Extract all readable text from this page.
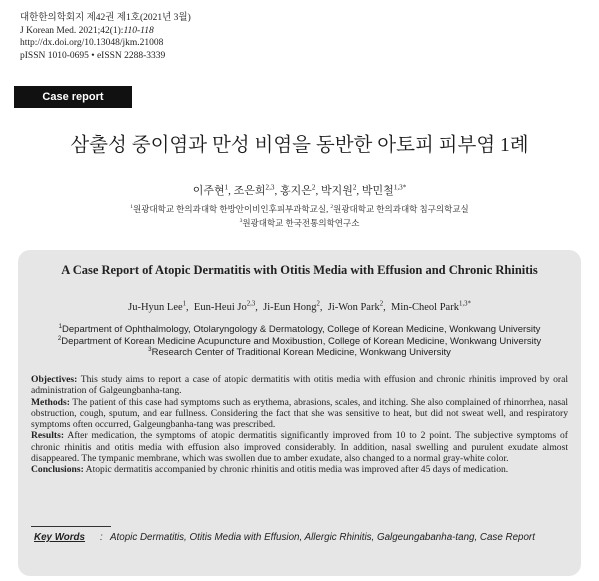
대한한의학회지 제42권 제1호(2021년 3월)
J Korean Med. 2021;42(1):110-118
http://dx.doi.org/10.13048/jkm.21008
pISSN 1010-0695 • eISSN 2288-3339
Case report
삼출성 중이염과 만성 비염을 동반한 아토피 피부염 1례
이주현$^1$, 조은희$^{2,3}$, 홍지은$^2$, 박지원$^2$, 박민철$^{1,3*}$
$^1$원광대학교 한의과대학 한방안이비인후피부과학교실, $^2$원광대학교 한의과대학 침구의학교실
$^3$원광대학교 한국전통의학연구소
A Case Report of Atopic Dermatitis with Otitis Media with Effusion and Chronic Rhinitis
Ju-Hyun Lee$^1$,  Eun-Heui Jo$^{2,3}$,  Ji-Eun Hong$^2$,  Ji-Won Park$^2$,  Min-Cheol Park$^{1,3*}$
$^1$Department of Ophthalmology, Otolaryngology & Dermatology, College of Korean Medicine, Wonkwang University
$^2$Department of Korean Medicine Acupuncture and Moxibustion, College of Korean Medicine, Wonkwang University
$^3$Research Center of Traditional Korean Medicine, Wonkwang University

Objectives: This study aims to report a case of atopic dermatitis with otitis media with effusion and chronic rhinitis improved by oral administration of Galgeungbanha-tang.

Methods: The patient of this case had symptoms such as erythema, abrasions, scales, and itching. She also complained of rhinorrhea, nasal obstruction, cough, sputum, and ear fullness. Considering the fact that she was sensitive to heat, but did not sweat well, and respiratory symptoms often occurred, Galgeungbanha-tang was prescribed.

Results: After medication, the symptoms of atopic dermatitis significantly improved from 10 to 2 point. The subjective symptoms of chronic rhinitis and otitis media with effusion also improved considerably. In addition, nasal swelling and purulent exudate almost disappeared. The tympanic membrane, which was swollen due to amber exudate, also changed to a normal gray-white color.

Conclusions: Atopic dermatitis accompanied by chronic rhinitis and otitis media was improved after 45 days of medication.

Key Words	: Atopic Dermatitis, Otitis Media with Effusion, Allergic Rhinitis, Galgeungabanha-tang, Case Report
